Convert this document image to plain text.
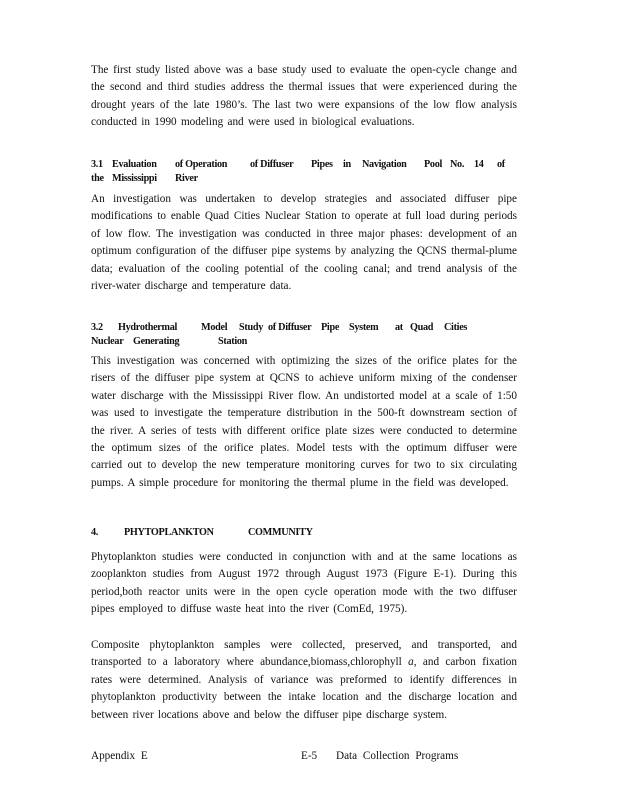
The first study listed above was a base study used to evaluate the open-cycle change and the second and third studies address the thermal issues that were experienced during the drought years of the late 1980’s. The last two were expansions of the low flow analysis conducted in 1990 modeling and were used in biological evaluations.

3.1 Evaluation	of Operation	of Diffuser	Pipes	in	Navigation	Pool No. 14	of
the Mississippi	River

An investigation was undertaken to develop strategies and associated diffuser pipe modifications to enable Quad Cities Nuclear Station to operate at full load during periods of low flow. The investigation was conducted in three major phases: development of an optimum configuration of the diffuser pipe systems by analyzing the QCNS thermal-plume data; evaluation of the cooling potential of the cooling canal; and trend analysis of the river-water discharge and temperature data.

3.2	Hydrothermal	Model	Study of Diffuser Pipe System	at Quad	Cities
Nuclear Generating	Station

This investigation was concerned with optimizing the sizes of the orifice plates for the risers of the diffuser pipe system at QCNS to achieve uniform mixing of the condenser water discharge with the Mississippi River flow. An undistorted model at a scale of 1:50 was used to investigate the temperature distribution in the 500-ft downstream section of the river. A series of tests with different orifice plate sizes were conducted to determine the optimum sizes of the orifice plates. Model tests with the optimum diffuser were carried out to develop the new temperature monitoring curves for two to six circulating pumps. A simple procedure for monitoring the thermal plume in the field was developed.

4.	PHYTOPLANKTON	COMMUNITY

Phytoplankton studies were conducted in conjunction with and at the same locations as zooplankton studies from August 1972 through August 1973 (Figure E-1). During this period,both reactor units were in the open cycle operation mode with the two diffuser pipes employed to diffuse waste heat into the river (ComEd, 1975).

Composite phytoplankton samples were collected, preserved, and transported, and transported to a laboratory where abundance,biomass,chlorophyll a, and carbon fixation rates were determined. Analysis of variance was preformed to identify differences in phytoplankton productivity between the intake location and the discharge location and between river locations above and below the diffuser pipe discharge system.

Appendix E	E-5 Data Collection Programs
